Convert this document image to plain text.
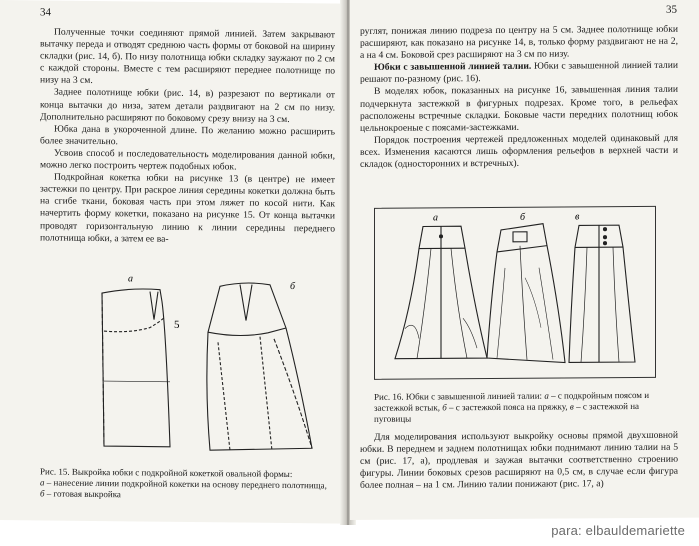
34

Полученные точки соединяют прямой линией. Затем закрывают вытачку переда и отводят среднюю часть формы от боковой на ширину складки (рис. 14, б). По низу полотнища юбки складку заужают по 2 см с каждой стороны. Вместе с тем расширяют переднее полотнище по низу на 3 см.

Заднее полотнище юбки (рис. 14, в) разрезают по вертикали от конца вытачки до низа, затем детали раздвигают на 2 см по низу. Дополнительно расширяют по боковому срезу внизу на 3 см.

Юбка дана в укороченной длине. По желанию можно расширить более значительно.

Усвоив способ и последовательность моделирования данной юбки, можно легко построить чертеж подобных юбок.

Подкройная кокетка юбки на рисунке 13 (в центре) не имеет застежки по центру. При раскрое линия середины кокетки должна быть на сгибе ткани, боковая часть при этом ляжет по косой нити. Как начертить форму кокетки, показано на рисунке 15. От конца вытачки проводят горизонтальную линию к линии середины переднего полотнища юбки, а затем ее ва-

а
5
б
Рис. 15. Выкройка юбки с подкройной кокеткой овальной формы:
а – нанесение линии подкройной кокетки на основу переднего полотнища, б – готовая выкройка
35

руглят, понижая линию подреза по центру на 5 см. Заднее полотнище юбки расширяют, как показано на рисунке 14, в, только форму раздвигают не на 2, а на 4 см. Боковой срез расширяют на 3 см по низу.

Юбки с завышенной линией талии. Юбки с завышенной линией талии решают по-разному (рис. 16).

В моделях юбок, показанных на рисунке 16, завышенная линия талии подчеркнута застежкой в фигурных подрезах. Кроме того, в рельефах расположены встречные складки. Боковые части передних полотнищ юбок цельнокроеные с поясами-застежками.

Порядок построения чертежей предложенных моделей одинаковый для всех. Изменения касаются лишь оформления рельефов в верхней части и складок (односторонних и встречных).

а	б	в
Рис. 16. Юбки с завышенной линией талии: а – с подкройным поясом и застежкой встык, б – с застежкой пояса на пряжку, в – с застежкой на пуговицы

Для моделирования используют выкройку основы прямой двухшовной юбки. В переднем и заднем полотнищах юбки поднимают линию талии на 5 см (рис. 17, а), продлевая и заужая вытачки соответственно строению фигуры. Линии боковых срезов расширяют на 0,5 см, в случае если фигура более полная – на 1 см. Линию талии понижают (рис. 17, а)

para: elbauldemariette
